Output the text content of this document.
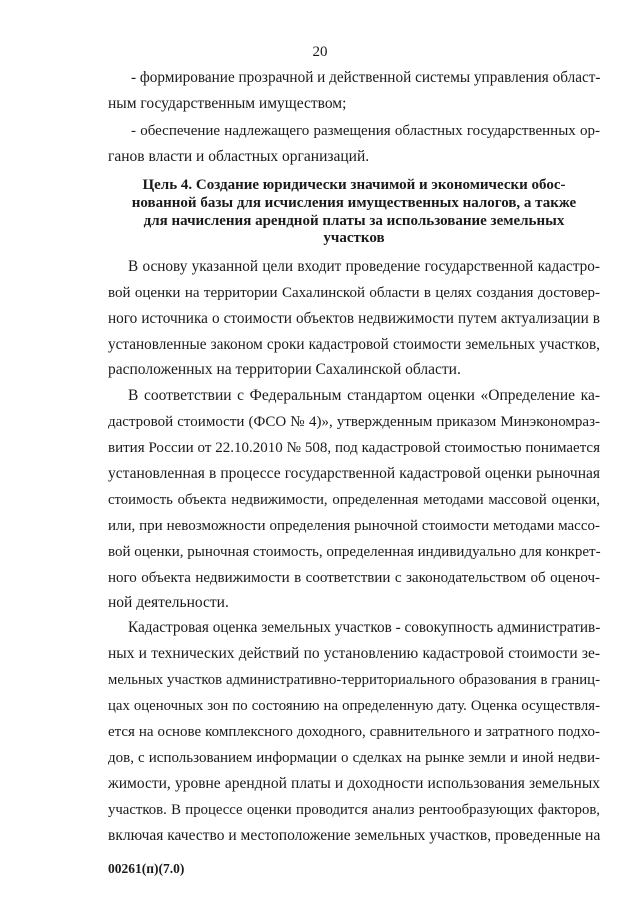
20
- формирование прозрачной и действенной системы управления област-
ным государственным имуществом;
- обеспечение надлежащего размещения областных государственных ор-
ганов власти и областных организаций.
Цель 4. Создание юридически значимой и экономически обос-
нованной базы для исчисления имущественных налогов, а также
для начисления арендной платы за использование земельных
участков
В основу указанной цели входит проведение государственной кадастро-
вой оценки на территории Сахалинской области в целях создания достовер-
ного источника о стоимости объектов недвижимости путем актуализации в
установленные законом сроки кадастровой стоимости земельных участков,
расположенных на территории Сахалинской области.
В соответствии с Федеральным стандартом оценки «Определение ка-
дастровой стоимости (ФСО № 4)», утвержденным приказом Минэкономраз-
вития России от 22.10.2010 № 508, под кадастровой стоимостью понимается
установленная в процессе государственной кадастровой оценки рыночная
стоимость объекта недвижимости, определенная методами массовой оценки,
или, при невозможности определения рыночной стоимости методами массо-
вой оценки, рыночная стоимость, определенная индивидуально для конкрет-
ного объекта недвижимости в соответствии с законодательством об оценоч-
ной деятельности.
Кадастровая оценка земельных участков - совокупность административ-
ных и технических действий по установлению кадастровой стоимости зе-
мельных участков административно-территориального образования в границ-
цах оценочных зон по состоянию на определенную дату. Оценка осуществля-
ется на основе комплексного доходного, сравнительного и затратного подхо-
дов, с использованием информации о сделках на рынке земли и иной недви-
жимости, уровне арендной платы и доходности использования земельных
участков. В процессе оценки проводится анализ рентообразующих факторов,
включая качество и местоположение земельных участков, проведенные на
00261(п)(7.0)
